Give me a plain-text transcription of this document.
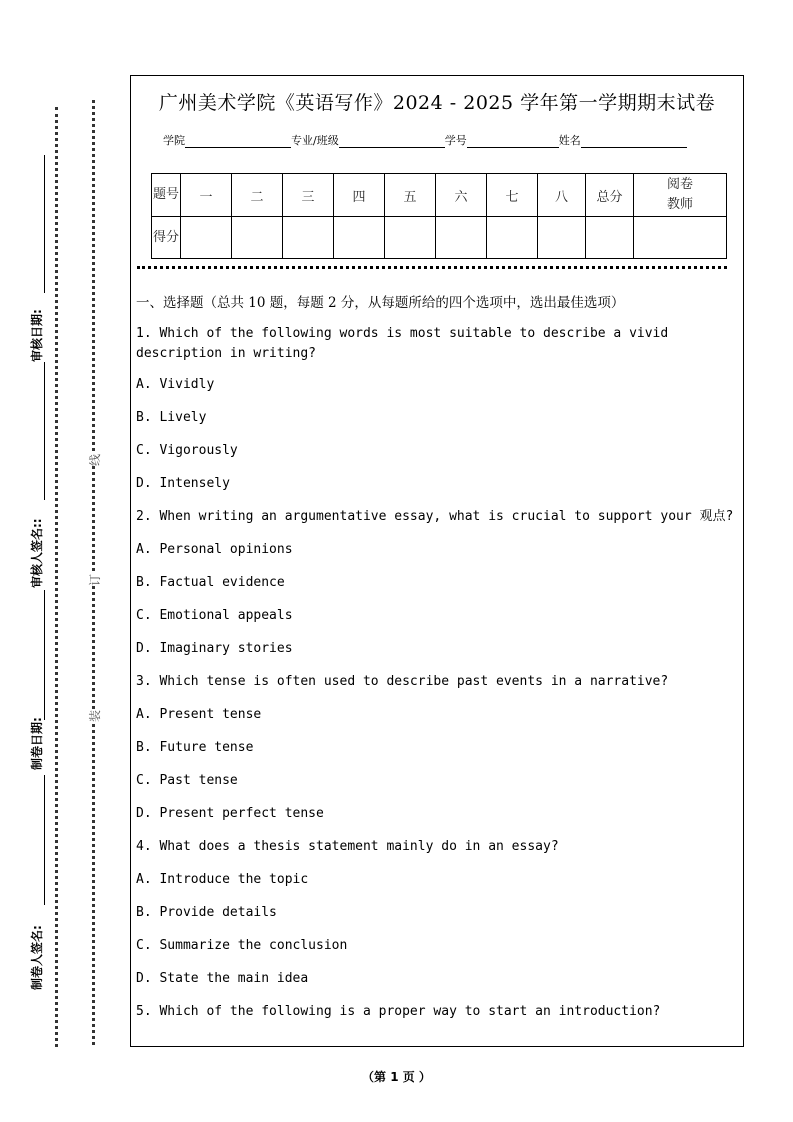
审核日期:
审核人签名::
制卷日期:
制卷人签名:
线
订
装
广州美术学院《英语写作》2024 - 2025 学年第一学期期末试卷
学院	专业/班级	学号	姓名
题号	一	二	三	四	五	六	七	八	总分	阅卷教师
得分										
一、选择题（总共 10 题，每题 2 分，从每题所给的四个选项中，选出最佳选项）
1. Which of the following words is most suitable to describe a vivid description in writing?
A. Vividly
B. Lively
C. Vigorously
D. Intensely
2. When writing an argumentative essay, what is crucial to support your 观点?
A. Personal opinions
B. Factual evidence
C. Emotional appeals
D. Imaginary stories
3. Which tense is often used to describe past events in a narrative?
A. Present tense
B. Future tense
C. Past tense
D. Present perfect tense
4. What does a thesis statement mainly do in an essay?
A. Introduce the topic
B. Provide details
C. Summarize the conclusion
D. State the main idea
5. Which of the following is a proper way to start an introduction?
（第 1 页 ）
